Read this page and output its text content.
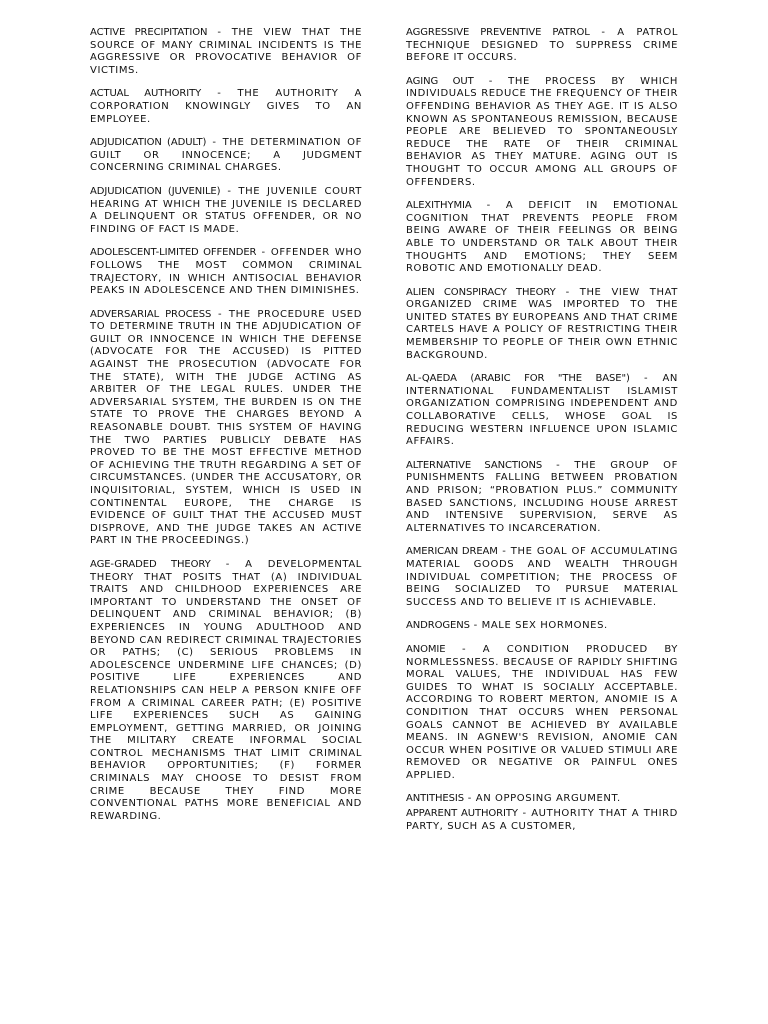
ACTIVE PRECIPITATION - THE VIEW THAT THE SOURCE OF MANY CRIMINAL INCIDENTS IS THE AGGRESSIVE OR PROVOCATIVE BEHAVIOR OF VICTIMS.

ACTUAL AUTHORITY - THE AUTHORITY A CORPORATION KNOWINGLY GIVES TO AN EMPLOYEE.

ADJUDICATION (ADULT) - THE DETERMINATION OF GUILT OR INNOCENCE; A JUDGMENT CONCERNING CRIMINAL CHARGES.

ADJUDICATION (JUVENILE) - THE JUVENILE COURT HEARING AT WHICH THE JUVENILE IS DECLARED A DELINQUENT OR STATUS OFFENDER, OR NO FINDING OF FACT IS MADE.

ADOLESCENT-LIMITED OFFENDER - OFFENDER WHO FOLLOWS THE MOST COMMON CRIMINAL TRAJECTORY, IN WHICH ANTISOCIAL BEHAVIOR PEAKS IN ADOLESCENCE AND THEN DIMINISHES.

ADVERSARIAL PROCESS - THE PROCEDURE USED TO DETERMINE TRUTH IN THE ADJUDICATION OF GUILT OR INNOCENCE IN WHICH THE DEFENSE (ADVOCATE FOR THE ACCUSED) IS PITTED AGAINST THE PROSECUTION (ADVOCATE FOR THE STATE), WITH THE JUDGE ACTING AS ARBITER OF THE LEGAL RULES. UNDER THE ADVERSARIAL SYSTEM, THE BURDEN IS ON THE STATE TO PROVE THE CHARGES BEYOND A REASONABLE DOUBT. THIS SYSTEM OF HAVING THE TWO PARTIES PUBLICLY DEBATE HAS PROVED TO BE THE MOST EFFECTIVE METHOD OF ACHIEVING THE TRUTH REGARDING A SET OF CIRCUMSTANCES. (UNDER THE ACCUSATORY, OR INQUISITORIAL, SYSTEM, WHICH IS USED IN CONTINENTAL EUROPE, THE CHARGE IS EVIDENCE OF GUILT THAT THE ACCUSED MUST DISPROVE, AND THE JUDGE TAKES AN ACTIVE PART IN THE PROCEEDINGS.)

AGE-GRADED THEORY - A DEVELOPMENTAL THEORY THAT POSITS THAT (A) INDIVIDUAL TRAITS AND CHILDHOOD EXPERIENCES ARE IMPORTANT TO UNDERSTAND THE ONSET OF DELINQUENT AND CRIMINAL BEHAVIOR; (B) EXPERIENCES IN YOUNG ADULTHOOD AND BEYOND CAN REDIRECT CRIMINAL TRAJECTORIES OR PATHS; (C) SERIOUS PROBLEMS IN ADOLESCENCE UNDERMINE LIFE CHANCES; (D) POSITIVE LIFE EXPERIENCES AND RELATIONSHIPS CAN HELP A PERSON KNIFE OFF FROM A CRIMINAL CAREER PATH; (E) POSITIVE LIFE EXPERIENCES SUCH AS GAINING EMPLOYMENT, GETTING MARRIED, OR JOINING THE MILITARY CREATE INFORMAL SOCIAL CONTROL MECHANISMS THAT LIMIT CRIMINAL BEHAVIOR OPPORTUNITIES; (F) FORMER CRIMINALS MAY CHOOSE TO DESIST FROM CRIME BECAUSE THEY FIND MORE CONVENTIONAL PATHS MORE BENEFICIAL AND REWARDING.

AGGRESSIVE PREVENTIVE PATROL - A PATROL TECHNIQUE DESIGNED TO SUPPRESS CRIME BEFORE IT OCCURS.

AGING OUT - THE PROCESS BY WHICH INDIVIDUALS REDUCE THE FREQUENCY OF THEIR OFFENDING BEHAVIOR AS THEY AGE. IT IS ALSO KNOWN AS SPONTANEOUS REMISSION, BECAUSE PEOPLE ARE BELIEVED TO SPONTANEOUSLY REDUCE THE RATE OF THEIR CRIMINAL BEHAVIOR AS THEY MATURE. AGING OUT IS THOUGHT TO OCCUR AMONG ALL GROUPS OF OFFENDERS.

ALEXITHYMIA - A DEFICIT IN EMOTIONAL COGNITION THAT PREVENTS PEOPLE FROM BEING AWARE OF THEIR FEELINGS OR BEING ABLE TO UNDERSTAND OR TALK ABOUT THEIR THOUGHTS AND EMOTIONS; THEY SEEM ROBOTIC AND EMOTIONALLY DEAD.

ALIEN CONSPIRACY THEORY - THE VIEW THAT ORGANIZED CRIME WAS IMPORTED TO THE UNITED STATES BY EUROPEANS AND THAT CRIME CARTELS HAVE A POLICY OF RESTRICTING THEIR MEMBERSHIP TO PEOPLE OF THEIR OWN ETHNIC BACKGROUND.

AL-QAEDA (ARABIC FOR "THE BASE") - AN INTERNATIONAL FUNDAMENTALIST ISLAMIST ORGANIZATION COMPRISING INDEPENDENT AND COLLABORATIVE CELLS, WHOSE GOAL IS REDUCING WESTERN INFLUENCE UPON ISLAMIC AFFAIRS.

ALTERNATIVE SANCTIONS - THE GROUP OF PUNISHMENTS FALLING BETWEEN PROBATION AND PRISON; “PROBATION PLUS.” COMMUNITY BASED SANCTIONS, INCLUDING HOUSE ARREST AND INTENSIVE SUPERVISION, SERVE AS ALTERNATIVES TO INCARCERATION.

AMERICAN DREAM - THE GOAL OF ACCUMULATING MATERIAL GOODS AND WEALTH THROUGH INDIVIDUAL COMPETITION; THE PROCESS OF BEING SOCIALIZED TO PURSUE MATERIAL SUCCESS AND TO BELIEVE IT IS ACHIEVABLE.

ANDROGENS - MALE SEX HORMONES.

ANOMIE - A CONDITION PRODUCED BY NORMLESSNESS. BECAUSE OF RAPIDLY SHIFTING MORAL VALUES, THE INDIVIDUAL HAS FEW GUIDES TO WHAT IS SOCIALLY ACCEPTABLE. ACCORDING TO ROBERT MERTON, ANOMIE IS A CONDITION THAT OCCURS WHEN PERSONAL GOALS CANNOT BE ACHIEVED BY AVAILABLE MEANS. IN AGNEW'S REVISION, ANOMIE CAN OCCUR WHEN POSITIVE OR VALUED STIMULI ARE REMOVED OR NEGATIVE OR PAINFUL ONES APPLIED.

ANTITHESIS - AN OPPOSING ARGUMENT.

APPARENT AUTHORITY - AUTHORITY THAT A THIRD PARTY, SUCH AS A CUSTOMER,
